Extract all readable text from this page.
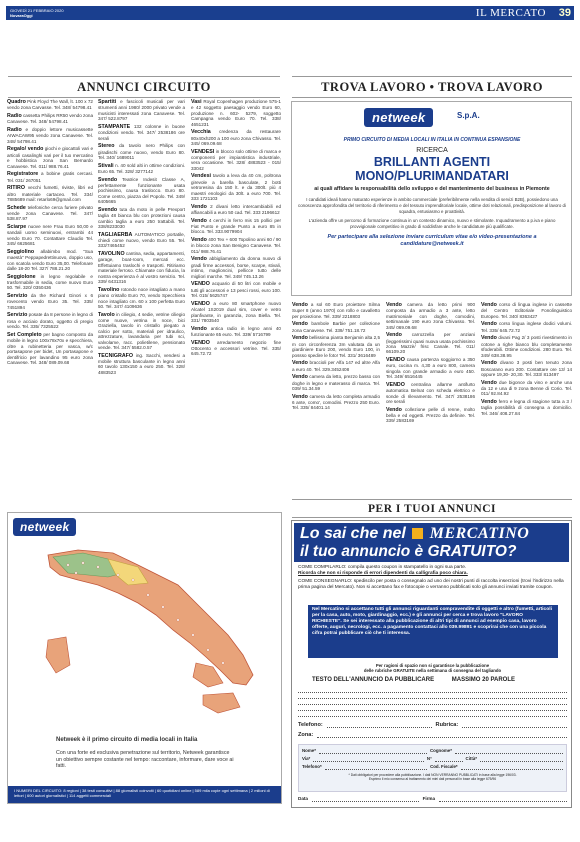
GIOVEDÌ 21 FEBBRAIO 2020
NovaraOggi	IL MERCATO 39
ANNUNCI CIRCUITO	TROVA LAVORO • TROVA LAVORO
Quadro Pink Floyd The Wall, lt. 100 x 72 vendo zona Carvasse. Tel. 348/ 54798.41
Radio cassetta Philips RR50 vendo zona Canavese. Tel. 348/ 54798.41
Radio e doppio lettore musicassette AIWACAW95 vendo zona Canavese. Tel. 348/ 54798.41
Regalo/ vendo giochi e giocattoli vari e articoli casalinghi vari per il tuo mercatino e hobbistica zona San Bernardo Canavese. Tel. 011/ 988.76.41
Registratore a bobine gratis cercasi. Tel. 031/ 267051
RITIRO vecchi fumetti, riviste, libri ed altro materiale cartaceo. Tel. 334/ 7885689 mail: retarlo69@gmail.com
Schede telefoniche cerca furiere privato vende zona Canavese. Tel. 347/ 538.87.97
Sciarpe nuove nere Frau Euro 50,00 e sandali uomo seminuovi, entrambi 44 vendo Euro 70. Contattare Claudio Tel. 345/ 6625681
Seggiolino allabimbo mod. "Sua maestà" Peppapedrettinuovo, doppio uso, con scatola vendo Euro 35,00. Telefonare dalle 18-20 Tel. 327/ 788.21.20
Seggiolone in legno regolabile e trasformabile in sedia, come nuovo Euro 50. Tel. 320/ 0350436
Servizio da the Richard Ginori x 6 rovecento vendo Euro 35. Tel. 335/ 7451894
Servizio posate da 8 persone in legno di rosa e acciaio dorato, oggetto di pregio vendo. Tel. 335/ 7325522
Set Completo per bagno composto da mobile in legno 100x78x70x e specchiera, oltre a rubinetteria per vasca, w/c portasapone per bidet, Un portasapone e dentifricio per lavandino 95 euro zona Canavese. Tel. 348/ 089.09.68
Spartiti e fascicoli musicali per vari strumenti anni 1980/ 2000 privato vende a musicisti interessati zona Canavese. Tel. 347/ 522.8797
STAMPANTE 132 colonne in buone condizioni vendo. Tel. 347/ 2538186 ore serali
Stereo da tavolo nero Philips con giradischi come nuovo, vendo Euro 80. Tel. 340/ 1689011
Stivali n. 40 sold alti in ottime condizioni. Euro 65. Tel. 328/ 3277142
Svendo Teatrice Indesit Classe A, perfettamente funzionante usata pochissimo, causa traslocco. Euro 80. Come centro, piazza del Popolo. Tel. 349/ 6405665
Svendo tuta da moto in pelle Prexport taglia 48 bianca blu con protezioni causa cambio taglia a euro 250 trattabili. Tel. 338/8233030
TAGLIAERBA AUTOMATICO portatile, chiedi come nuovo, vendo Euro 55. Tel. 333/7465452
TAVOLINO cantina, sedia, appartamenti, garage, boat-room, mercati ecc. Effettuiamo traslochi e trasporti. Ritiriamo materiale ferroso. Chiamate con fiducia, la nostra esperienza è al vostro servizio. Tel. 339/ 6431316
Tavolino rotondo noce intagliato a mano piano cristallo Euro 70, vendo Specchiera noce intagliato cm. 60 x 100 perfetta Euro 50. Tel. 347/ 4109636
Tavolo in ciliegio, 4 sedie, vetrine ciliegio come nuove, vetrina in noce, bici Graziella, tavolo in cristallo piegato a calcio per sotto, materiali per idraulico, attrezzature, lavandaria per tubi sci, valvolame, racc. polietilene, pensionato vende. Tel. 347/ 5582.0.57
TECNIGRAFO ing. Sacchi, vendesi a mobile struttura basculante in legno anni 60 tavolo 130x150 a euro 250. Tel. 328/ 4883523
Vasi Royal Copenhagen produzione 575-1 e 42 soggetto paesaggio vendo Euro 60, produzione n. 602- 5279, soggetto Campagna vendo Euro 70. Tel. 338/ 4651231
Vecchia credenza da restaurare 80x40xh200 a 100 euro zona Chivasso. Tel. 345/ 069.09.68
VENDESI in blocco solo ottime di marca e componenti per impiantistica industriale, vera occasione. Tel. 328/ 4883523 - 015/ 33042
Vendesi tavolo a leva da 40 cm, poltrona girevole a barella basculate, 2 botti vetroresina da 150 lt. e da 300lt. più 4 maestri enologici da 30lt. a euro 700. Tel. 333 1721103
Vendo 2 divani letto intercambiabili ed affiancabili a euro 50 cad. Tel. 333 2196612
Vendo 4 cerchi in ferro mis 15 pollici per Fiat Punto e grande Punto a euro 85 in blocco. Tel. 333.9079904
Vendo 400 Tex + 600 Topolino anni 60 / 90 in blocco zona San Benigno Canavese. Tel. 011/ 988.76.41
Vendo abbigliamento da donna nuovo di gradi firme accessori, borse, scarpe, stivali, intimo, maglioncini, pellicce tutto delle migliori marche. Tel. 349/ 745.13.26
VENDO acquario di 50 litri con mobile e tutti gli accessori e 13 pesci rossi, euro 100. Tel. 015/ 5625747
VENDO a euro 80 smartphone nuovo Alcatel 1S2019 dual sim, cover e vetro planfivante, in garanzia, zona Biella. Tel. 331/ 7803540
Vendo antica radio in legno anni 40 funzionante 65 euro. Tel. 339/ 5716799
VENDO arredamento negozio fine Ottocento e accessori vetrine. Tel. 335/ 645.72.72
netweek	S.p.A.
PRIMO CIRCUITO DI MEDIA LOCALI IN ITALIA IN CONTINUA ESPANSIONE
RICERCA
BRILLANTI AGENTI
MONO/PLURIMANDATARI
ai quali affidare la responsabilità dello sviluppo e del mantenimento del business in Piemonte
I candidati ideali hanno maturato esperienze in ambito commerciale (preferibilmente nella vendita di servizi B2B), possiedono una conoscenza approfondita del territorio di riferimento e del tessuto imprenditoriale locale, ottime doti relazionali, predisposizione al lavoro di squadra, entusiasmo e proattività.
L'azienda offre un percorso di formazione continua in un contesto dinamico, nuovo e stimolante. Inquadramento a p.iva e piano provvigionale competitivo in grado di soddisfare anche le candidature più qualificate.
Per partecipare alla selezione inviare curriculum vitae e/o video-presentazione a candidature@netweek.it
Vendo a sol 60 Euro proiettore Silma Super 8 (anno 1970) con rollo e cavalletto per proiezione. Tel. 339/ 2218803
Vendo bambole Barbie per collezione zona Canavese. Tel. 339/ 751.18.72
Vendo bellissima pianta Benjamin alta 2,5 m con circonferenza 3m valutata da un giardiniere Euro 200, vendo Euro 100, in possso spedire le foto! Tel. 331/ 3616489
Vendo braccioli per Alfa 147 ed altre Alfa a euro 40. Tel. 329.3452408
Vendo camera da letto, prezzo basso con doghe in legno e materasso di marca. Tel. 039/ 51.34.59
Vendo camera da letto completa armadio 6 ante, como', comodini. Prezzo 250 Euro. Tel. 335/ 84401.14
Vendo camera da letto primi 900 composta da armadio a 3 ante, letto matrimoniale con doghe, comodini, settimanale 190 euro zona Chivasso. Tel. 345/ 069.09.68
Vendo carrozzella per anziani (leggerissimi quasi nuova usata pochissimo zona Mazzè/ frisc Canale. Tel. 011/ 66109.20
VENDO causa partenza soggiorno a 350 euro, cucina m. 4,30 a euro 800, camera singola con grande armadio a euro 450. Tel. 349/ 6516445
VENDO centralina allarme antifurto automatica Belnat con scheda elettrico e sonde di rilevamento. Tel. 347/ 2538186 ore serali
Vendo collezione pelle di renne, molto bella e ed eggetti. Prezzo da definire. Tel. 339/ 2583169
Vendo corso di lingua inglese in cassette del Centro Editoriale Fonolinguistico Europeo. Tel. 340/ 8363427
Vendo corso lingua inglese dodici volumi. Tel. 335/ 645.72.72
Vendo divani Pag 2/ 3 posti rivestimento in cotone a righe bianco blu completamente sfoderabili. Ottime condizioni. 280 Euro. Tel. 349/ 638.38.95
Vendo divano 3 posti ben tenuto zona Boscarano euro 200. Contattare ore 13/ 14 oppure 19,30- 20,30. Tel. 333/ 813497
Vendo due bigonce da vino e anche una da 12 e una di 9 zona Benne di Corio. Tel. 011/ 92.84.92
Vendo ferro e legna di stagione tutta a 3 / taglia possibilità di consegna a domicilio. Tel. 346/ 408.27.84
netweek
Netweek è il primo circuito di media locali in Italia
Con una forte ed esclusiva penetrazione sul territorio, Netweek garantisce un obiettivo sempre costante nel tempo: raccontare, informare, dare voce ai fatti.
I NUMERI DEL CIRCUITO: 8 regioni | 38 testi consultivi | 88 giornalisti coinvolti | 60 quotidiani online | 589 mila copie ogni settimana | 2 milioni di lettori | 600 autori giornalistici | 114 aggetti commerciali
PER I TUOI ANNUNCI
Lo sai che nel MERCATINO
il tuo annuncio è GRATUITO?
COME COMPILARLO: compila questo coupon in stampatello in ogni sua parte.
Ricorda che non si risponde di errori dipendenti da calligrafia poco chiara.
COME CONSEGNARLO: spediscilo per posta o consegnalo ad uno dei nostri punti di raccolta inserzioni (trovi l'indirizzo nella prima pagina del Mercato). Non si accettano fax e fotocopie o verranno pubblicati solo gli annunci inviati tramite coupon.
Nel Mercatino si accettano tutti gli annunci riguardanti compravendite di oggetti e altro (fumetti, articoli per la casa, auto, moto, giardinaggio, ecc.) e gli annunci per cerca e trova lavoro "LAVORO RICHIESTE". Se sei interessato alla pubblicazione di altri tipi di annunci ad esempio casa, lavoro offerte, auguri, necrologi, ecc. a pagamento contattaci allo 039.99891 e scoprirai che con una piccola cifra potrai pubblicare ciò che ti interessa.
Per ragioni di spazio non si garantisce la pubblicazione
delle rubriche GRATUITE nella settimana di consegna del tagliando
TESTO DELL'ANNUNCIO DA PUBBLICARE	MASSIMO 20 PAROLE
Telefono:	Rubrica:
Zona:
Nome*	Cognome*
Via*	N°	Città*
Telefono*	Cod. Fiscale*
* Dati obbligatori per procedere alla pubblicazione. I dati NON VERRANNO PUBBLICATI in base alla legge 196/03.
Esprimo il mio consenso al trattamento dei miei dati personali in base alla legge 675/96
Data	Firma
